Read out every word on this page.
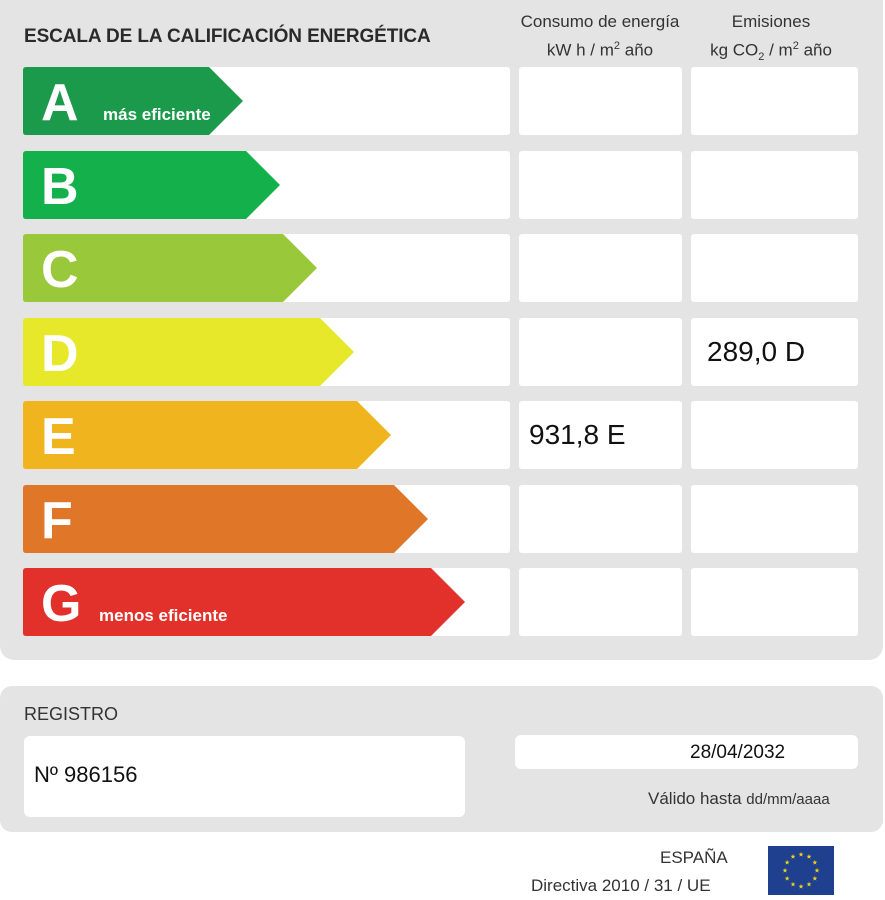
ESCALA DE LA CALIFICACIÓN ENERGÉTICA
Consumo de energía
kW h / $m^2$ año
Emisiones
kg $CO_2 / m^2$ año
A más eficiente
B
C
D	289,0 D
E	931,8 E
F
G menos eficiente
REGISTRO
Nº 986156
28/04/2032
Válido hasta dd/mm/aaaa
ESPAÑA
Directiva 2010 / 31 / UE
